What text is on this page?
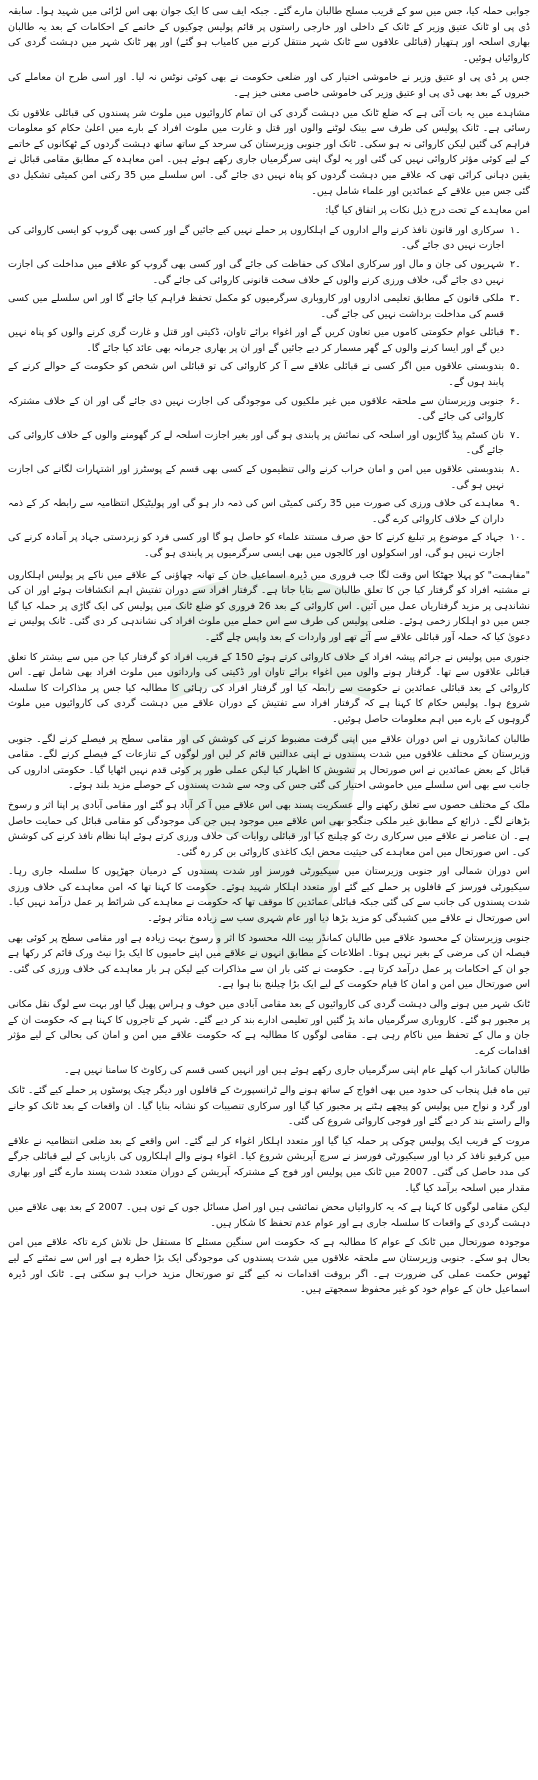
جوابی حملہ کیا، جس میں سو کے قریب مسلح طالبان مارے گئے۔ جبکہ ایف سی کا ایک جوان بھی اس لڑائی میں شہید ہوا۔ سابقہ ڈی پی او ٹانک عتیق وزیر کے ٹانک کے داخلی اور خارجی راستوں پر قائم پولیس چوکیوں کے خاتمے کے احکامات کے بعد یہ طالبان بھاری اسلحہ اور ہتھیار (قبائلی علاقوں سے ٹانک شہر منتقل کرنے میں کامیاب ہو گئے) اور پھر ٹانک شہر میں دہشت گردی کی کاروائیاں ہوئیں۔

جس پر ڈی پی او عتیق وزیر نے خاموشی اختیار کی اور ضلعی حکومت نے بھی کوئی نوٹس نہ لیا۔ اور اسی طرح ان معاملے کی خبروں کے بعد بھی ڈی پی او عتیق وزیر کی خاموشی خاصی معنی خیز ہے۔

مشاہدے میں یہ بات آئی ہے کہ ضلع ٹانک میں دہشت گردی کی ان تمام کاروائیوں میں ملوث شر پسندوں کی قبائلی علاقوں تک رسائی ہے۔ ٹانک پولیس کی طرف سے بینک لوٹنے والوں اور قتل و غارت میں ملوث افراد کے بارے میں اعلیٰ حکام کو معلومات فراہم کی گئیں لیکن کاروائی نہ ہو سکی۔ ٹانک اور جنوبی وزیرستان کی سرحد کے ساتھ ساتھ دہشت گردوں کے ٹھکانوں کے خاتمے کے لیے کوئی مؤثر کاروائی نہیں کی گئی اور یہ لوگ اپنی سرگرمیاں جاری رکھے ہوئے ہیں۔ امن معاہدہ کے مطابق مقامی قبائل نے یقین دہانی کرائی تھی کہ علاقے میں دہشت گردوں کو پناہ نہیں دی جائے گی۔ اس سلسلے میں 35 رکنی امن کمیٹی تشکیل دی گئی جس میں علاقے کے عمائدین اور علماء شامل ہیں۔

امن معاہدے کے تحت درج ذیل نکات پر اتفاق کیا گیا:

۱۔
سرکاری اور قانون نافذ کرنے والے اداروں کے اہلکاروں پر حملے نہیں کیے جائیں گے اور کسی بھی گروپ کو ایسی کاروائی کی اجازت نہیں دی جائے گی۔
۲۔
شہریوں کی جان و مال اور سرکاری املاک کی حفاظت کی جائے گی اور کسی بھی گروپ کو علاقے میں مداخلت کی اجازت نہیں دی جائے گی، خلاف ورزی کرنے والوں کے خلاف سخت قانونی کاروائی کی جائے گی۔
۳۔
ملکی قانون کے مطابق تعلیمی اداروں اور کاروباری سرگرمیوں کو مکمل تحفظ فراہم کیا جائے گا اور اس سلسلے میں کسی قسم کی مداخلت برداشت نہیں کی جائے گی۔
۴۔
قبائلی عوام حکومتی کاموں میں تعاون کریں گے اور اغواء برائے تاوان، ڈکیتی اور قتل و غارت گری کرنے والوں کو پناہ نہیں دیں گے اور ایسا کرنے والوں کے گھر مسمار کر دیے جائیں گے اور ان پر بھاری جرمانہ بھی عائد کیا جائے گا۔
۵۔
بندوبستی علاقوں میں اگر کسی نے قبائلی علاقے سے آ کر کاروائی کی تو قبائلی اس شخص کو حکومت کے حوالے کرنے کے پابند ہوں گے۔
۶۔
جنوبی وزیرستان سے ملحقہ علاقوں میں غیر ملکیوں کی موجودگی کی اجازت نہیں دی جائے گی اور ان کے خلاف مشترکہ کاروائی کی جائے گی۔
۷۔
نان کسٹم پیڈ گاڑیوں اور اسلحہ کی نمائش پر پابندی ہو گی اور بغیر اجازت اسلحہ لے کر گھومنے والوں کے خلاف کاروائی کی جائے گی۔
۸۔
بندوبستی علاقوں میں امن و امان خراب کرنے والی تنظیموں کے کسی بھی قسم کے پوسٹرز اور اشتہارات لگانے کی اجازت نہیں ہو گی۔
۹۔
معاہدے کی خلاف ورزی کی صورت میں 35 رکنی کمیٹی اس کی ذمہ دار ہو گی اور پولیٹیکل انتظامیہ سے رابطہ کر کے ذمہ داران کے خلاف کاروائی کرے گی۔
۱۰۔
جہاد کے موضوع پر تبلیغ کرنے کا حق صرف مستند علماء کو حاصل ہو گا اور کسی فرد کو زبردستی جہاد پر آمادہ کرنے کی اجازت نہیں ہو گی، اور اسکولوں اور کالجوں میں بھی ایسی سرگرمیوں پر پابندی ہو گی۔

"مفاہمت" کو پہلا جھٹکا اس وقت لگا جب فروری میں ڈیرہ اسماعیل خان کے تھانہ چھاؤنی کے علاقے میں ناکے پر پولیس اہلکاروں نے مشتبہ افراد کو گرفتار کیا جن کا تعلق طالبان سے بتایا جاتا ہے۔ گرفتار افراد سے دوران تفتیش اہم انکشافات ہوئے اور ان کی نشاندہی پر مزید گرفتاریاں عمل میں آئیں۔ اس کاروائی کے بعد 26 فروری کو ضلع ٹانک میں پولیس کی ایک گاڑی پر حملہ کیا گیا جس میں دو اہلکار زخمی ہوئے۔ ضلعی پولیس کی طرف سے اس حملے میں ملوث افراد کی نشاندہی کر دی گئی۔ ٹانک پولیس نے دعویٰ کیا کہ حملہ آور قبائلی علاقے سے آئے تھے اور واردات کے بعد واپس چلے گئے۔

جنوری میں پولیس نے جرائم پیشہ افراد کے خلاف کاروائی کرتے ہوئے 150 کے قریب افراد کو گرفتار کیا جن میں سے بیشتر کا تعلق قبائلی علاقوں سے تھا۔ گرفتار ہونے والوں میں اغواء برائے تاوان اور ڈکیتی کی وارداتوں میں ملوث افراد بھی شامل تھے۔ اس کاروائی کے بعد قبائلی عمائدین نے حکومت سے رابطہ کیا اور گرفتار افراد کی رہائی کا مطالبہ کیا جس پر مذاکرات کا سلسلہ شروع ہوا۔ پولیس حکام کا کہنا ہے کہ گرفتار افراد سے تفتیش کے دوران علاقے میں دہشت گردی کی کاروائیوں میں ملوث گروہوں کے بارے میں اہم معلومات حاصل ہوئیں۔

طالبان کمانڈروں نے اس دوران علاقے میں اپنی گرفت مضبوط کرنے کی کوشش کی اور مقامی سطح پر فیصلے کرنے لگے۔ جنوبی وزیرستان کے مختلف علاقوں میں شدت پسندوں نے اپنی عدالتیں قائم کر لیں اور لوگوں کے تنازعات کے فیصلے کرنے لگے۔ مقامی قبائل کے بعض عمائدین نے اس صورتحال پر تشویش کا اظہار کیا لیکن عملی طور پر کوئی قدم نہیں اٹھایا گیا۔ حکومتی اداروں کی جانب سے بھی اس سلسلے میں خاموشی اختیار کی گئی جس کی وجہ سے شدت پسندوں کے حوصلے مزید بلند ہوئے۔

ملک کے مختلف حصوں سے تعلق رکھنے والے عسکریت پسند بھی اس علاقے میں آ کر آباد ہو گئے اور مقامی آبادی پر اپنا اثر و رسوخ بڑھانے لگے۔ ذرائع کے مطابق غیر ملکی جنگجو بھی اس علاقے میں موجود ہیں جن کی موجودگی کو مقامی قبائل کی حمایت حاصل ہے۔ ان عناصر نے علاقے میں سرکاری رٹ کو چیلنج کیا اور قبائلی روایات کی خلاف ورزی کرتے ہوئے اپنا نظام نافذ کرنے کی کوشش کی۔ اس صورتحال میں امن معاہدے کی حیثیت محض ایک کاغذی کاروائی بن کر رہ گئی۔

اس دوران شمالی اور جنوبی وزیرستان میں سیکیورٹی فورسز اور شدت پسندوں کے درمیان جھڑپوں کا سلسلہ جاری رہا۔ سیکیورٹی فورسز کے قافلوں پر حملے کیے گئے اور متعدد اہلکار شہید ہوئے۔ حکومت کا کہنا تھا کہ امن معاہدے کی خلاف ورزی شدت پسندوں کی جانب سے کی گئی جبکہ قبائلی عمائدین کا موقف تھا کہ حکومت نے معاہدے کی شرائط پر عمل درآمد نہیں کیا۔ اس صورتحال نے علاقے میں کشیدگی کو مزید بڑھا دیا اور عام شہری سب سے زیادہ متاثر ہوئے۔

جنوبی وزیرستان کے محسود علاقے میں طالبان کمانڈر بیت اللہ محسود کا اثر و رسوخ بہت زیادہ ہے اور مقامی سطح پر کوئی بھی فیصلہ ان کی مرضی کے بغیر نہیں ہوتا۔ اطلاعات کے مطابق انہوں نے علاقے میں اپنے حامیوں کا ایک بڑا نیٹ ورک قائم کر رکھا ہے جو ان کے احکامات پر عمل درآمد کرتا ہے۔ حکومت نے کئی بار ان سے مذاکرات کیے لیکن ہر بار معاہدے کی خلاف ورزی کی گئی۔ اس صورتحال میں امن و امان کا قیام حکومت کے لیے ایک بڑا چیلنج بنا ہوا ہے۔

ٹانک شہر میں ہونے والی دہشت گردی کی کاروائیوں کے بعد مقامی آبادی میں خوف و ہراس پھیل گیا اور بہت سے لوگ نقل مکانی پر مجبور ہو گئے۔ کاروباری سرگرمیاں ماند پڑ گئیں اور تعلیمی ادارے بند کر دیے گئے۔ شہر کے تاجروں کا کہنا ہے کہ حکومت ان کے جان و مال کے تحفظ میں ناکام رہی ہے۔ مقامی لوگوں کا مطالبہ ہے کہ حکومت علاقے میں امن و امان کی بحالی کے لیے مؤثر اقدامات کرے۔

طالبان کمانڈر اب کھلے عام اپنی سرگرمیاں جاری رکھے ہوئے ہیں اور انہیں کسی قسم کی رکاوٹ کا سامنا نہیں ہے۔

تین ماہ قبل پنجاب کی حدود میں بھی افواج کے ساتھ ہونے والے ٹرانسپورٹ کے قافلوں اور دیگر چیک پوسٹوں پر حملے کیے گئے۔ ٹانک اور گرد و نواح میں پولیس کو پیچھے ہٹنے پر مجبور کیا گیا اور سرکاری تنصیبات کو نشانہ بنایا گیا۔ ان واقعات کے بعد ٹانک کو جانے والے راستے بند کر دیے گئے اور فوجی کاروائی شروع کی گئی۔

مروت کے قریب ایک پولیس چوکی پر حملہ کیا گیا اور متعدد اہلکار اغواء کر لیے گئے۔ اس واقعے کے بعد ضلعی انتظامیہ نے علاقے میں کرفیو نافذ کر دیا اور سیکیورٹی فورسز نے سرچ آپریشن شروع کیا۔ اغواء ہونے والے اہلکاروں کی بازیابی کے لیے قبائلی جرگے کی مدد حاصل کی گئی۔ 2007 میں ٹانک میں پولیس اور فوج کے مشترکہ آپریشن کے دوران متعدد شدت پسند مارے گئے اور بھاری مقدار میں اسلحہ برآمد کیا گیا۔

لیکن مقامی لوگوں کا کہنا ہے کہ یہ کاروائیاں محض نمائشی ہیں اور اصل مسائل جوں کے توں ہیں۔ 2007 کے بعد بھی علاقے میں دہشت گردی کے واقعات کا سلسلہ جاری ہے اور عوام عدم تحفظ کا شکار ہیں۔

موجودہ صورتحال میں ٹانک کے عوام کا مطالبہ ہے کہ حکومت اس سنگین مسئلے کا مستقل حل تلاش کرے تاکہ علاقے میں امن بحال ہو سکے۔ جنوبی وزیرستان سے ملحقہ علاقوں میں شدت پسندوں کی موجودگی ایک بڑا خطرہ ہے اور اس سے نمٹنے کے لیے ٹھوس حکمت عملی کی ضرورت ہے۔ اگر بروقت اقدامات نہ کیے گئے تو صورتحال مزید خراب ہو سکتی ہے۔ ٹانک اور ڈیرہ اسماعیل خان کے عوام خود کو غیر محفوظ سمجھتے ہیں۔
